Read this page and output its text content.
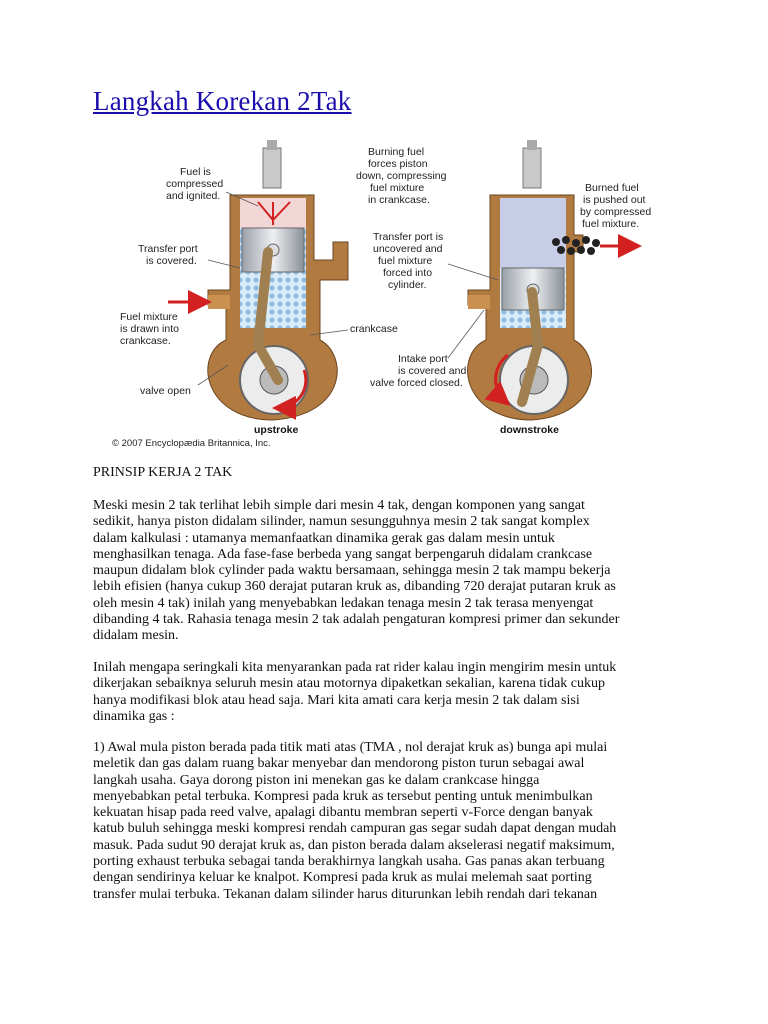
Langkah Korekan 2Tak
Fuel is compressed and ignited.
Burning fuel forces piston down, compressing fuel mixture in crankcase.
Transfer port is covered.
Fuel mixture is drawn into crankcase.
crankcase
valve open
upstroke
Burned fuel is pushed out by compressed fuel mixture.
Transfer port is uncovered and fuel mixture forced into cylinder.
Intake port is covered and valve forced closed.
downstroke
© 2007 Encyclopædia Britannica, Inc.
PRINSIP KERJA 2 TAK

Meski mesin 2 tak terlihat lebih simple dari mesin 4 tak, dengan komponen yang sangat

sedikit, hanya piston didalam silinder, namun sesungguhnya mesin 2 tak sangat komplex

dalam kalkulasi : utamanya memanfaatkan dinamika gerak gas dalam mesin untuk

menghasilkan tenaga. Ada fase-fase berbeda yang sangat berpengaruh didalam crankcase

maupun didalam blok cylinder pada waktu bersamaan, sehingga mesin 2 tak mampu bekerja

lebih efisien (hanya cukup 360 derajat putaran kruk as, dibanding 720 derajat putaran kruk as

oleh mesin 4 tak) inilah yang menyebabkan ledakan tenaga mesin 2 tak terasa menyengat

dibanding 4 tak. Rahasia tenaga mesin 2 tak adalah pengaturan kompresi primer dan sekunder

didalam mesin.

Inilah mengapa seringkali kita menyarankan pada rat rider kalau ingin mengirim mesin untuk

dikerjakan sebaiknya seluruh mesin atau motornya dipaketkan sekalian, karena tidak cukup

hanya modifikasi blok atau head saja. Mari kita amati cara kerja mesin 2 tak dalam sisi

dinamika gas :

1) Awal mula piston berada pada titik mati atas (TMA , nol derajat kruk as) bunga api mulai

meletik dan gas dalam ruang bakar menyebar dan mendorong piston turun sebagai awal

langkah usaha. Gaya dorong piston ini menekan gas ke dalam crankcase hingga

menyebabkan petal terbuka. Kompresi pada kruk as tersebut penting untuk menimbulkan

kekuatan hisap pada reed valve, apalagi dibantu membran seperti v-Force dengan banyak

katub buluh sehingga meski kompresi rendah campuran gas segar sudah dapat dengan mudah

masuk. Pada sudut 90 derajat kruk as, dan piston berada dalam akselerasi negatif maksimum,

porting exhaust terbuka sebagai tanda berakhirnya langkah usaha. Gas panas akan terbuang

dengan sendirinya keluar ke knalpot. Kompresi pada kruk as mulai melemah saat porting

transfer mulai terbuka. Tekanan dalam silinder harus diturunkan lebih rendah dari tekanan
